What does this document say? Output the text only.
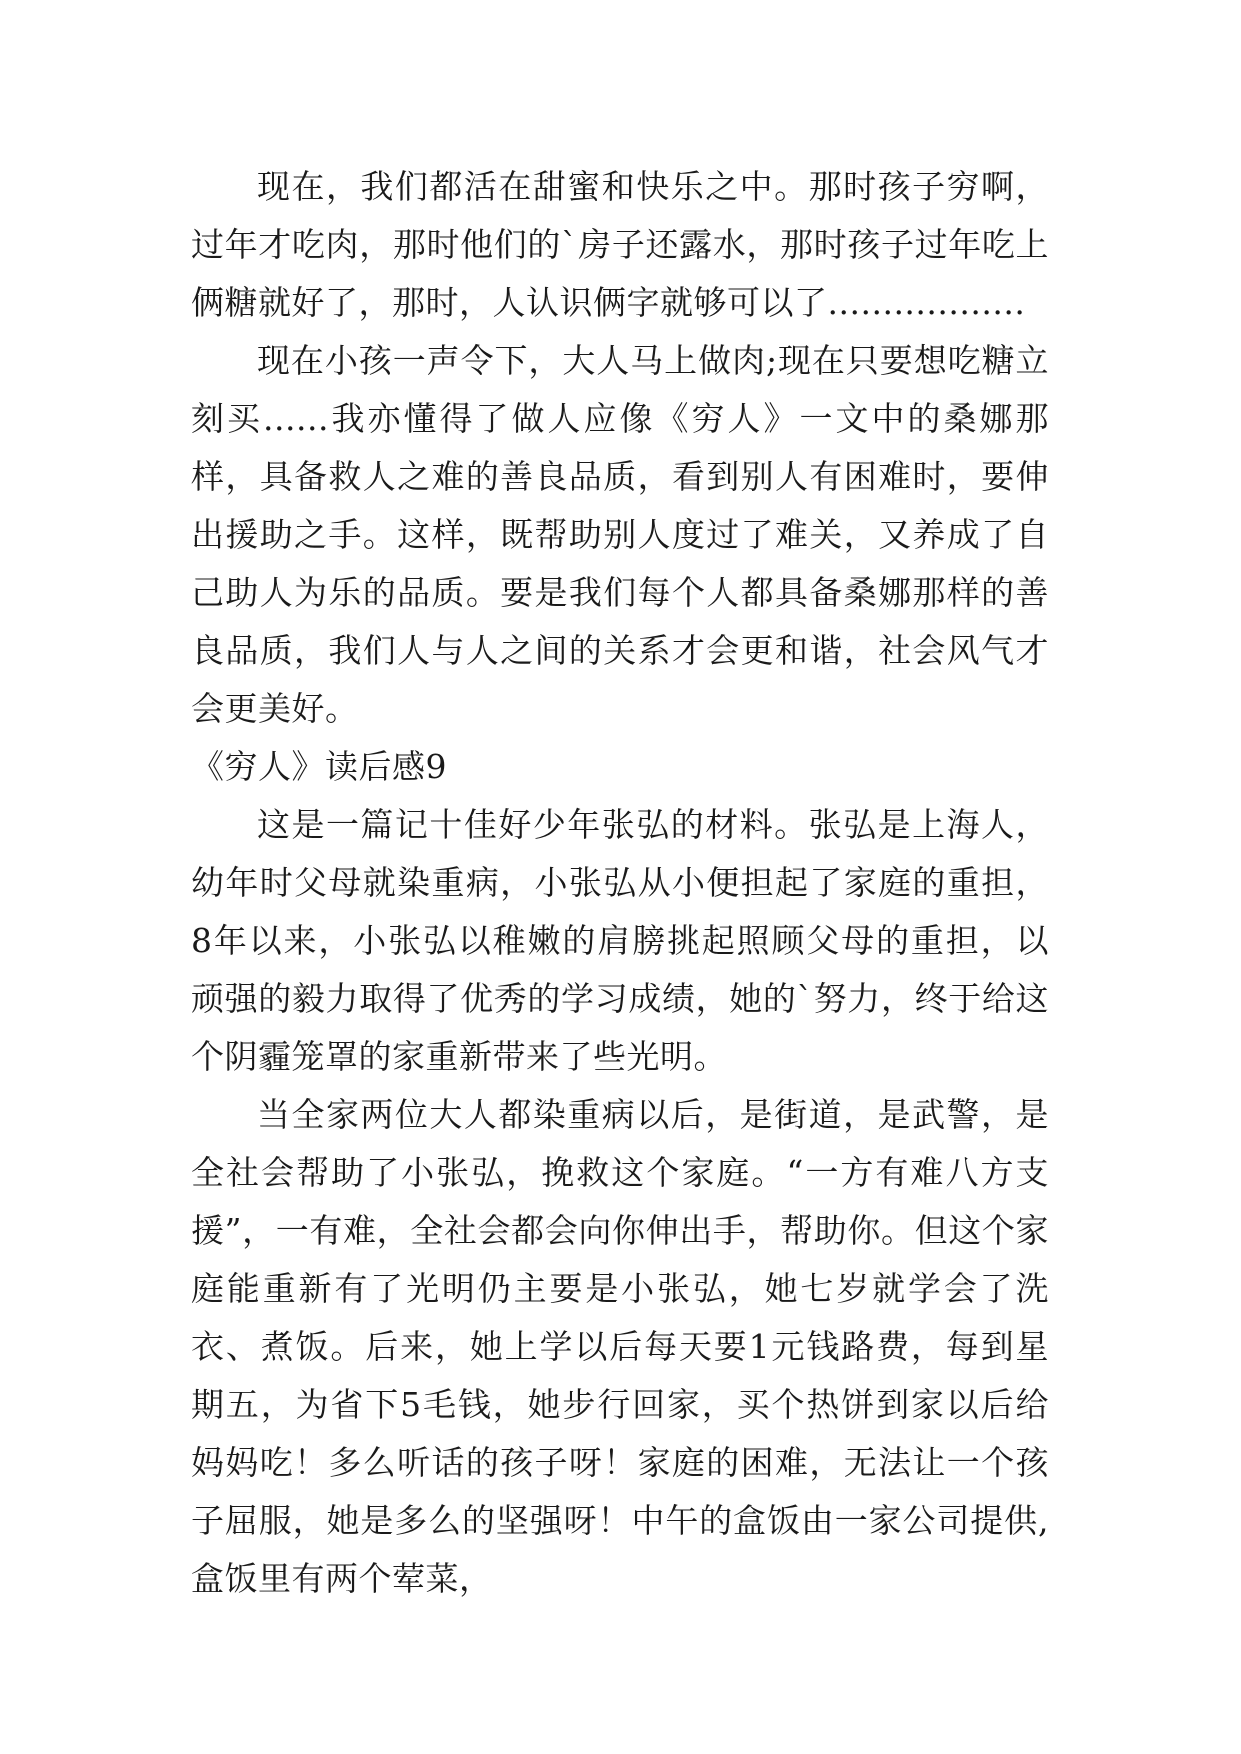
现在，我们都活在甜蜜和快乐之中。那时孩子穷啊，过年才吃肉，那时他们的`房子还露水，那时孩子过年吃上俩糖就好了，那时，人认识俩字就够可以了..................

现在小孩一声令下，大人马上做肉;现在只要想吃糖立刻买......我亦懂得了做人应像《穷人》一文中的桑娜那样，具备救人之难的善良品质，看到别人有困难时，要伸出援助之手。这样，既帮助别人度过了难关，又养成了自己助人为乐的品质。要是我们每个人都具备桑娜那样的善良品质，我们人与人之间的关系才会更和谐，社会风气才会更美好。

《穷人》读后感9

这是一篇记十佳好少年张弘的材料。张弘是上海人，幼年时父母就染重病，小张弘从小便担起了家庭的重担，8年以来，小张弘以稚嫩的肩膀挑起照顾父母的重担，以顽强的毅力取得了优秀的学习成绩，她的`努力，终于给这个阴霾笼罩的家重新带来了些光明。

当全家两位大人都染重病以后，是街道，是武警，是全社会帮助了小张弘，挽救这个家庭。“一方有难八方支援”，一有难，全社会都会向你伸出手，帮助你。但这个家庭能重新有了光明仍主要是小张弘，她七岁就学会了洗衣、煮饭。后来，她上学以后每天要1元钱路费，每到星期五，为省下5毛钱，她步行回家，买个热饼到家以后给妈妈吃！多么听话的孩子呀！家庭的困难，无法让一个孩子屈服，她是多么的坚强呀！中午的盒饭由一家公司提供,盒饭里有两个荤菜，
